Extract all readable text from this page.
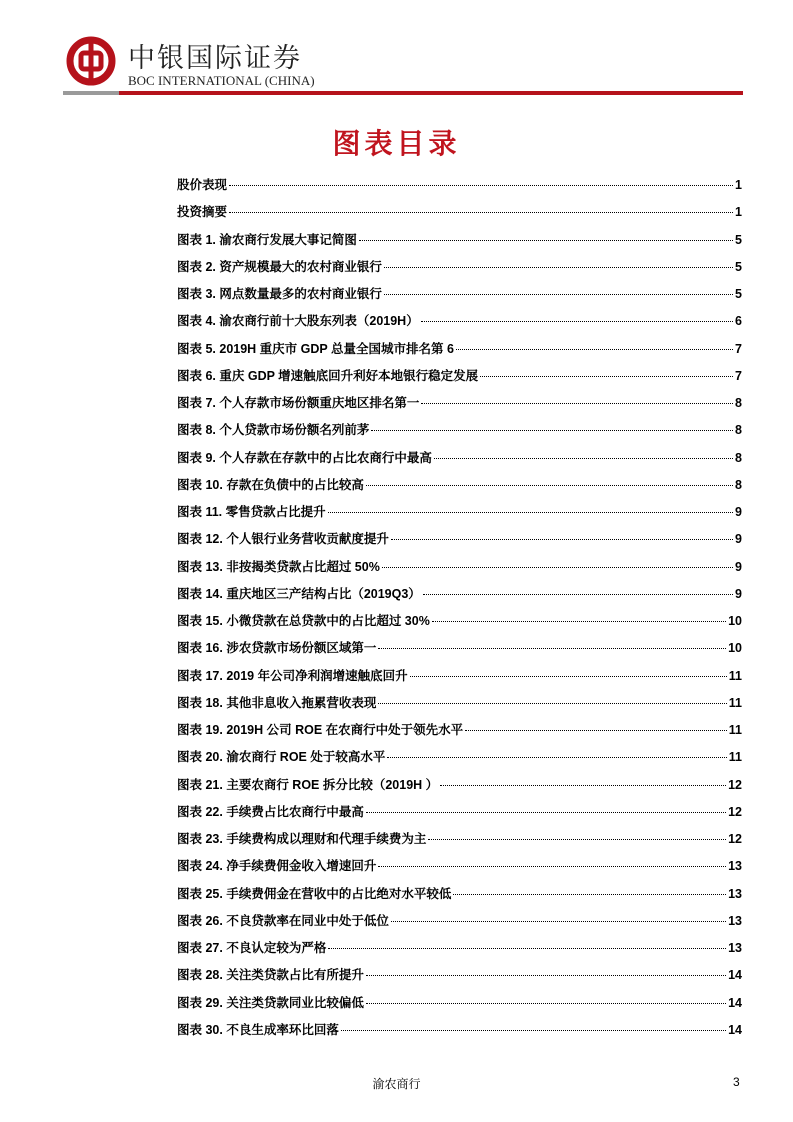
中银国际证券
BOC INTERNATIONAL (CHINA)
图表目录
股价表现	1
投资摘要	1
图表 1. 渝农商行发展大事记简图	5
图表 2. 资产规模最大的农村商业银行	5
图表 3. 网点数量最多的农村商业银行	5
图表 4. 渝农商行前十大股东列表（2019H）	6
图表 5. 2019H 重庆市 GDP 总量全国城市排名第 6	7
图表 6. 重庆 GDP 增速触底回升利好本地银行稳定发展	7
图表 7. 个人存款市场份额重庆地区排名第一	8
图表 8. 个人贷款市场份额名列前茅	8
图表 9. 个人存款在存款中的占比农商行中最高	8
图表 10. 存款在负债中的占比较高	8
图表 11. 零售贷款占比提升	9
图表 12. 个人银行业务营收贡献度提升	9
图表 13. 非按揭类贷款占比超过 50%	9
图表 14. 重庆地区三产结构占比（2019Q3）	9
图表 15. 小微贷款在总贷款中的占比超过 30%	10
图表 16. 涉农贷款市场份额区域第一	10
图表 17. 2019 年公司净利润增速触底回升	11
图表 18. 其他非息收入拖累营收表现	11
图表 19. 2019H 公司 ROE 在农商行中处于领先水平	11
图表 20. 渝农商行 ROE 处于较高水平	11
图表 21. 主要农商行 ROE 拆分比较（2019H ）	12
图表 22. 手续费占比农商行中最高	12
图表 23. 手续费构成以理财和代理手续费为主	12
图表 24. 净手续费佣金收入增速回升	13
图表 25. 手续费佣金在营收中的占比绝对水平较低	13
图表 26. 不良贷款率在同业中处于低位	13
图表 27. 不良认定较为严格	13
图表 28. 关注类贷款占比有所提升	14
图表 29. 关注类贷款同业比较偏低	14
图表 30. 不良生成率环比回落	14
渝农商行	3
